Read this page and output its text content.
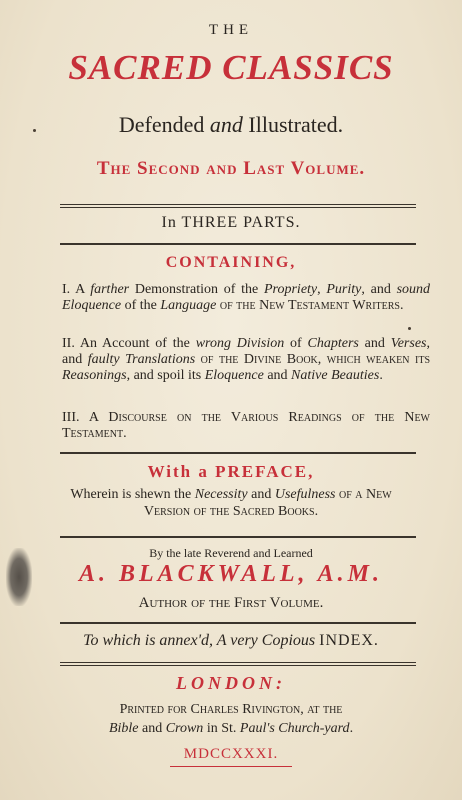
THE
SACRED CLASSICS
Defended and Illustrated.
The Second and Last Volume.
In THREE PARTS.
CONTAINING,
I. A farther Demonstration of the Propriety, Purity, and sound Eloquence of the Language of the New Testament Writers.
II. An Account of the wrong Division of Chapters and Verses, and faulty Translations of the Divine Book, which weaken its Reasonings, and spoil its Eloquence and Native Beauties.
III. A Discourse on the Various Readings of the New Testament.
With a PREFACE,
Wherein is shewn the Necessity and Usefulness of a New Version of the Sacred Books.
By the late Reverend and Learned
A. BLACKWALL, A.M.
Author of the First Volume.
To which is annex'd, A very Copious INDEX.
LONDON:
Printed for Charles Rivington, at the
Bible and Crown in St. Paul's Church-yard.
MDCCXXXI.
